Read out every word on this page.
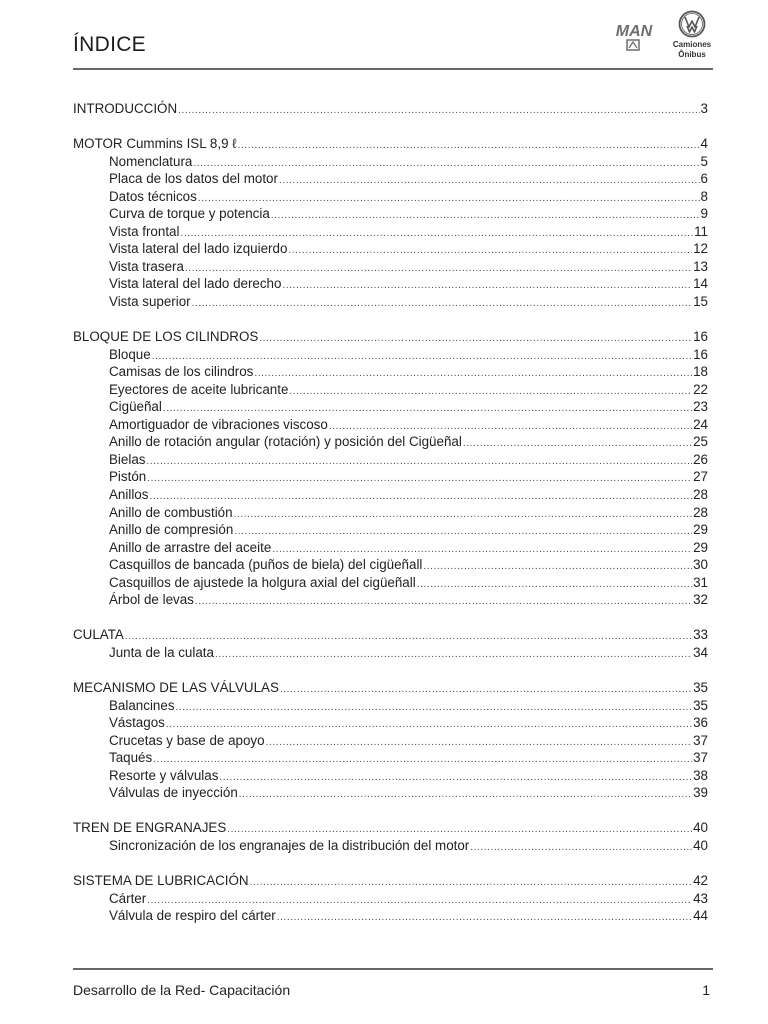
ÍNDICE
MAN
Camiones
Ônibus
INTRODUCCIÓN .....	3
MOTOR Cummins ISL 8,9 ℓ .....	4
Nomenclatura .....	5
Placa de los datos del motor .....	6
Datos técnicos .....	8
Curva de torque y potencia .....	9
Vista frontal .....	11
Vista lateral del lado izquierdo .....	12
Vista trasera .....	13
Vista lateral del lado derecho .....	14
Vista superior .....	15
BLOQUE DE LOS CILINDROS .....	16
Bloque .....	16
Camisas de los cilindros .....	18
Eyectores de aceite lubricante .....	22
Cigüeñal .....	23
Amortiguador de vibraciones viscoso .....	24
Anillo de rotación angular (rotación) y posición del Cigüeñal .....	25
Bielas .....	26
Pistón .....	27
Anillos .....	28
Anillo de combustión .....	28
Anillo de compresión .....	29
Anillo de arrastre del aceite .....	29
Casquillos de bancada (puños de biela) del cigüeñall .....	30
Casquillos de ajustede la holgura axial del cigüeñall .....	31
Árbol de levas .....	32
CULATA .....	33
Junta de la culata .....	34
MECANISMO DE LAS VÁLVULAS .....	35
Balancines .....	35
Vástagos .....	36
Crucetas y base de apoyo .....	37
Taqués .....	37
Resorte y válvulas .....	38
Válvulas de inyección .....	39
TREN DE ENGRANAJES .....	40
Sincronización de los engranajes de la distribución del motor .....	40
SISTEMA DE LUBRICACIÓN .....	42
Cárter .....	43
Válvula de respiro del cárter .....	44
Desarrollo de la Red- Capacitación	1
